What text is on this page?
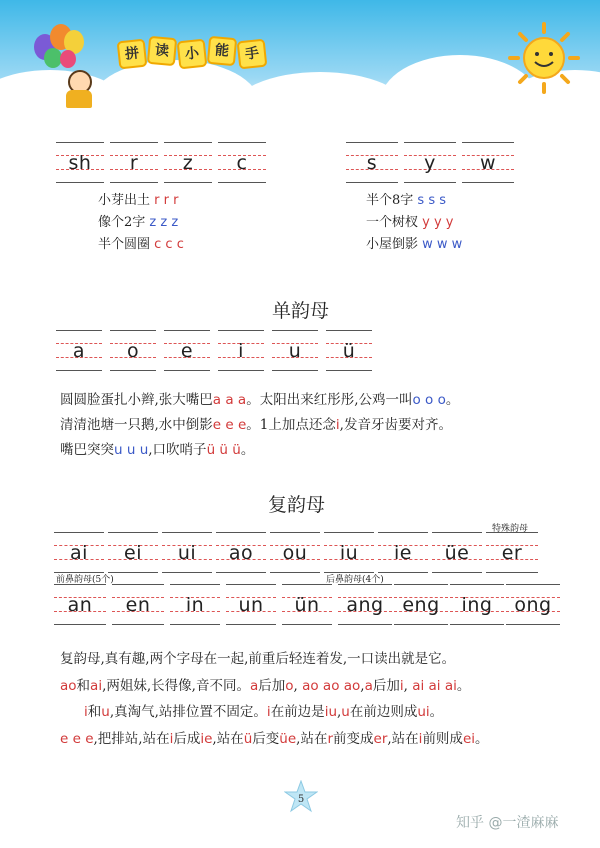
拼	读	小	能	手
sh	r	z	c	s	y	w
小芽出土 r r r
像个2字 z z z
半个圆圈 c c c
半个8字 s s s
一个树杈 y y y
小屋倒影 w w w
单韵母
a	o	e	i	u	ü
圆圆脸蛋扎小辫,张大嘴巴a a a。太阳出来红彤彤,公鸡一叫o o o。
清清池塘一只鹅,水中倒影e e e。1上加点还念i,发音牙齿要对齐。
嘴巴突突u u u,口吹哨子ü ü ü。
复韵母
特殊韵母
ai	ei	ui	ao	ou	iu	ie	üe	er
前鼻韵母(5个)	后鼻韵母(4个)
an	en	in	un	ün	ang eng	ing	ong
复韵母,真有趣,两个字母在一起,前重后轻连着发,一口读出就是它。
ao和ai,两姐妹,长得像,音不同。a后加o, ao ao ao,a后加i, ai ai ai。
i和u,真淘气,站排位置不固定。i在前边是iu,u在前边则成ui。
e e e,把排站,站在i后成ie,站在ü后变üe,站在r前变成er,站在i前则成ei。
5
知乎 @一渣麻麻
